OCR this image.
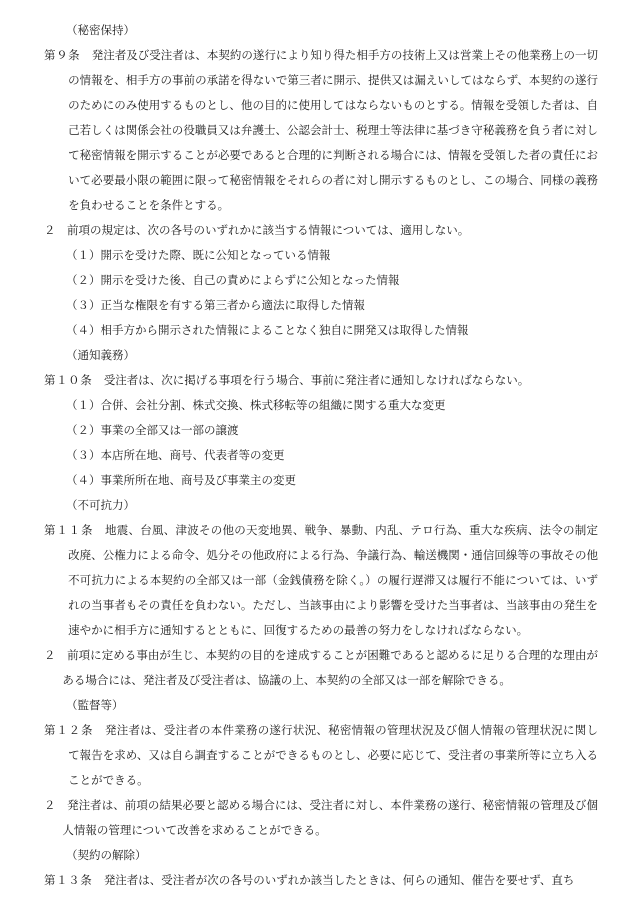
（秘密保持）
第９条　 発注者及び受注者は、本契約の遂行により知り得た相手方の技術上又は営業上その他業務上の一切の情報を、相手方の事前の承諾を得ないで第三者に開示、提供又は漏えいしてはならず、本契約の遂行のためにのみ使用するものとし、他の目的に使用してはならないものとする。情報を受領した者は、自己若しくは関係会社の役職員又は弁護士、公認会計士、税理士等法律に基づき守秘義務を負う者に対して秘密情報を開示することが必要であると合理的に判断される場合には、情報を受領した者の責任において必要最小限の範囲に限って秘密情報をそれらの者に対し開示するものとし、この場合、同様の義務を負わせることを条件とする。
２　 前項の規定は、次の各号のいずれかに該当する情報については、適用しない。
（１）開示を受けた際、既に公知となっている情報
（２）開示を受けた後、自己の責めによらずに公知となった情報
（３）正当な権限を有する第三者から適法に取得した情報
（４）相手方から開示された情報によることなく独自に開発又は取得した情報
（通知義務）
第１０条　 受注者は、次に掲げる事項を行う場合、事前に発注者に通知しなければならない。
（１）合併、会社分割、株式交換、株式移転等の組織に関する重大な変更
（２）事業の全部又は一部の譲渡
（３）本店所在地、商号、代表者等の変更
（４）事業所所在地、商号及び事業主の変更
（不可抗力）
第１１条　 地震、台風、津波その他の天変地異、戦争、暴動、内乱、テロ行為、重大な疾病、法令の制定改廃、公権力による命令、処分その他政府による行為、争議行為、輸送機関・通信回線等の事故その他不可抗力による本契約の全部又は一部（金銭債務を除く。）の履行遅滞又は履行不能については、いずれの当事者もその責任を負わない。ただし、当該事由により影響を受けた当事者は、当該事由の発生を速やかに相手方に通知するとともに、回復するための最善の努力をしなければならない。
２　 前項に定める事由が生じ、本契約の目的を達成することが困難であると認めるに足りる合理的な理由がある場合には、発注者及び受注者は、協議の上、本契約の全部又は一部を解除できる。
（監督等）
第１２条　 発注者は、受注者の本件業務の遂行状況、秘密情報の管理状況及び個人情報の管理状況に関して報告を求め、又は自ら調査することができるものとし、必要に応じて、受注者の事業所等に立ち入ることができる。
２　 発注者は、前項の結果必要と認める場合には、受注者に対し、本件業務の遂行、秘密情報の管理及び個人情報の管理について改善を求めることができる。
（契約の解除）
第１３条　 発注者は、受注者が次の各号のいずれか該当したときは、何らの通知、催告を要せず、直ち
